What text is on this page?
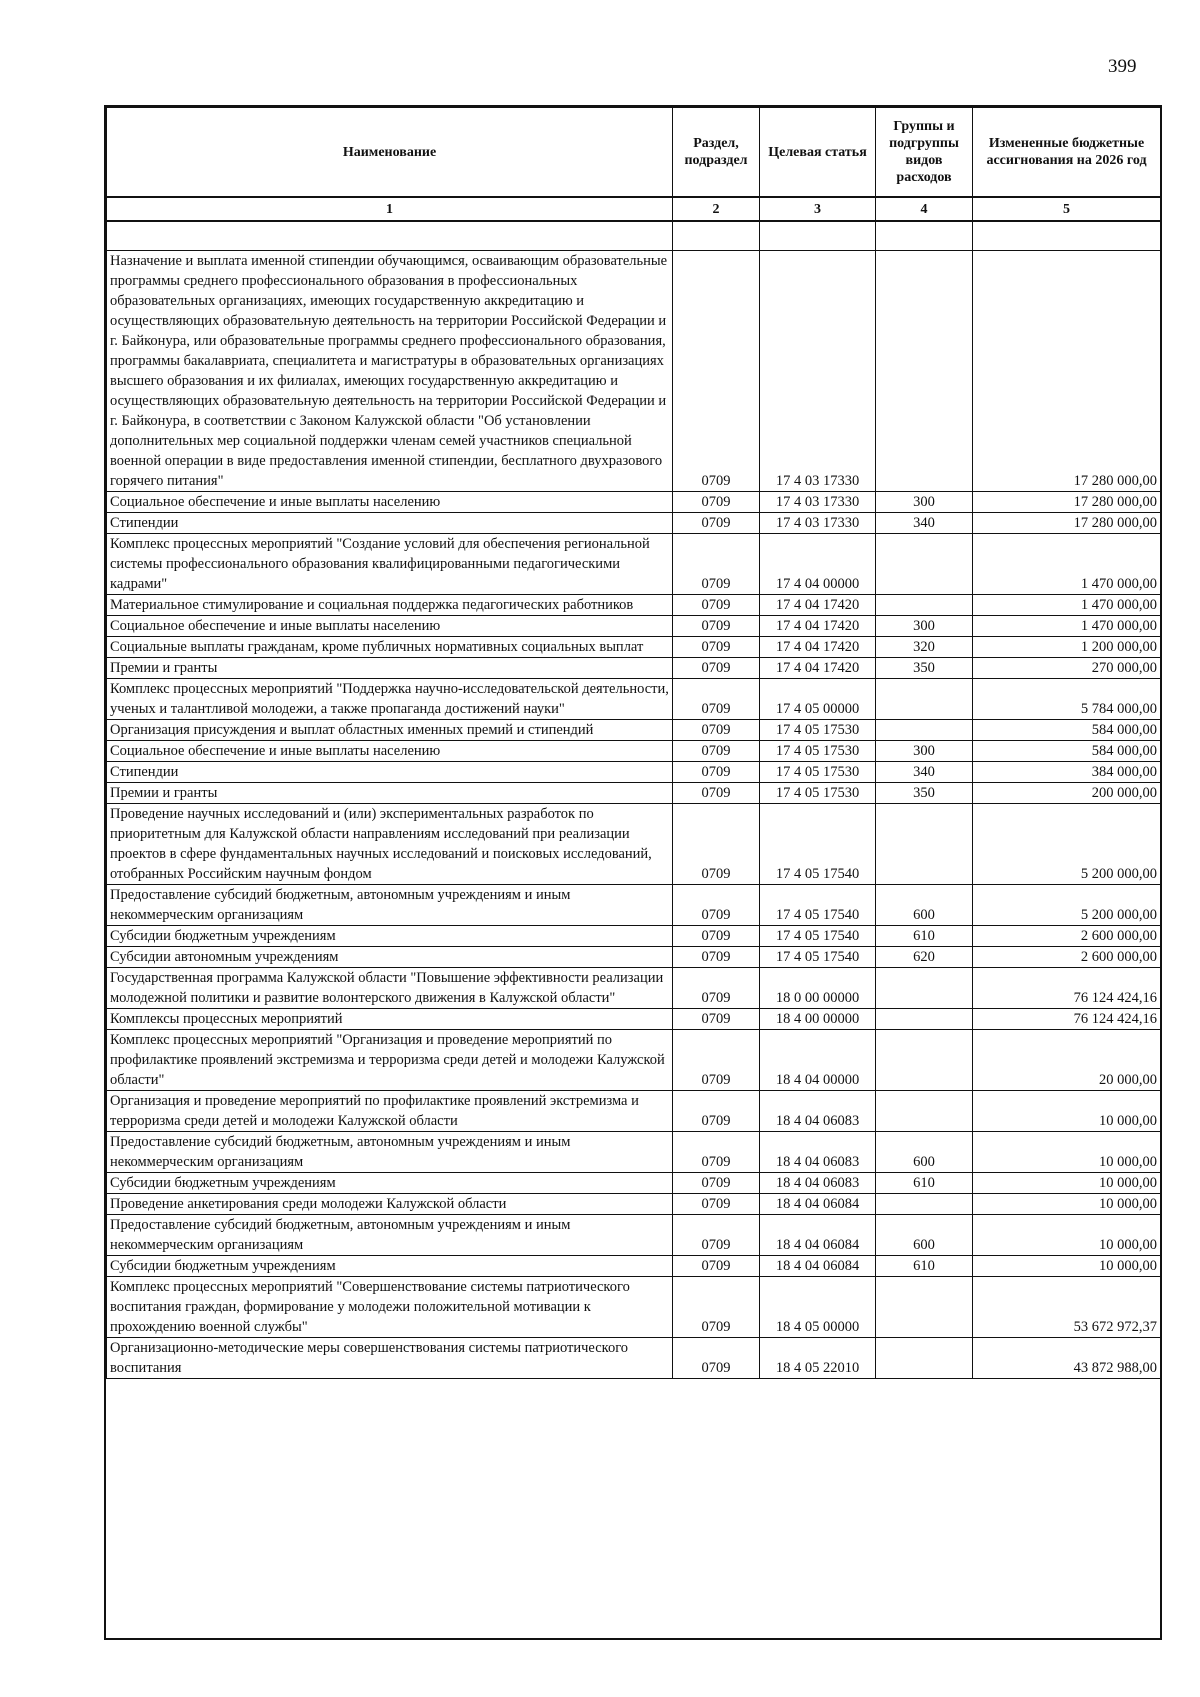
399
Наименование	Раздел, подраздел	Целевая статья	Группы и подгруппы видов расходов	Измененные бюджетные ассигнования на 2026 год
1	2	3	4	5

Назначение и выплата именной стипендии обучающимся, осваивающим образовательные программы среднего профессионального образования в профессиональных образовательных организациях, имеющих государственную аккредитацию и осуществляющих образовательную деятельность на территории Российской Федерации и г. Байконура, или образовательные программы среднего профессионального образования, программы бакалавриата, специалитета и магистратуры в образовательных организациях высшего образования и их филиалах, имеющих государственную аккредитацию и осуществляющих образовательную деятельность на территории Российской Федерации и г. Байконура, в соответствии с Законом Калужской области "Об установлении дополнительных мер социальной поддержки членам семей участников специальной военной операции в виде предоставления именной стипендии, бесплатного двухразового горячего питания"	0709	17 4 03 17330		17 280 000,00
Социальное обеспечение и иные выплаты населению	0709	17 4 03 17330	300	17 280 000,00
Стипендии	0709	17 4 03 17330	340	17 280 000,00
Комплекс процессных мероприятий "Создание условий для обеспечения региональной системы профессионального образования квалифицированными педагогическими кадрами"	0709	17 4 04 00000		1 470 000,00
Материальное стимулирование и социальная поддержка педагогических работников	0709	17 4 04 17420		1 470 000,00
Социальное обеспечение и иные выплаты населению	0709	17 4 04 17420	300	1 470 000,00
Социальные выплаты гражданам, кроме публичных нормативных социальных выплат	0709	17 4 04 17420	320	1 200 000,00
Премии и гранты	0709	17 4 04 17420	350	270 000,00
Комплекс процессных мероприятий "Поддержка научно-исследовательской деятельности, ученых и талантливой молодежи, а также пропаганда достижений науки"	0709	17 4 05 00000		5 784 000,00
Организация присуждения и выплат областных именных премий и стипендий	0709	17 4 05 17530		584 000,00
Социальное обеспечение и иные выплаты населению	0709	17 4 05 17530	300	584 000,00
Стипендии	0709	17 4 05 17530	340	384 000,00
Премии и гранты	0709	17 4 05 17530	350	200 000,00
Проведение научных исследований и (или) экспериментальных разработок по приоритетным для Калужской области направлениям исследований при реализации проектов в сфере фундаментальных научных исследований и поисковых исследований, отобранных Российским научным фондом	0709	17 4 05 17540		5 200 000,00
Предоставление субсидий бюджетным, автономным учреждениям и иным некоммерческим организациям	0709	17 4 05 17540	600	5 200 000,00
Субсидии бюджетным учреждениям	0709	17 4 05 17540	610	2 600 000,00
Субсидии автономным учреждениям	0709	17 4 05 17540	620	2 600 000,00
Государственная программа Калужской области "Повышение эффективности реализации молодежной политики и развитие волонтерского движения в Калужской области"	0709	18 0 00 00000		76 124 424,16
Комплексы процессных мероприятий	0709	18 4 00 00000		76 124 424,16
Комплекс процессных мероприятий "Организация и проведение мероприятий по профилактике проявлений экстремизма и терроризма среди детей и молодежи Калужской области"	0709	18 4 04 00000		20 000,00
Организация и проведение мероприятий по профилактике проявлений экстремизма и терроризма среди детей и молодежи Калужской области	0709	18 4 04 06083		10 000,00
Предоставление субсидий бюджетным, автономным учреждениям и иным некоммерческим организациям	0709	18 4 04 06083	600	10 000,00
Субсидии бюджетным учреждениям	0709	18 4 04 06083	610	10 000,00
Проведение анкетирования среди молодежи Калужской области	0709	18 4 04 06084		10 000,00
Предоставление субсидий бюджетным, автономным учреждениям и иным некоммерческим организациям	0709	18 4 04 06084	600	10 000,00
Субсидии бюджетным учреждениям	0709	18 4 04 06084	610	10 000,00
Комплекс процессных мероприятий "Совершенствование системы патриотического воспитания граждан, формирование у молодежи положительной мотивации к прохождению военной службы"	0709	18 4 05 00000		53 672 972,37
Организационно-методические меры совершенствования системы патриотического воспитания	0709	18 4 05 22010		43 872 988,00
